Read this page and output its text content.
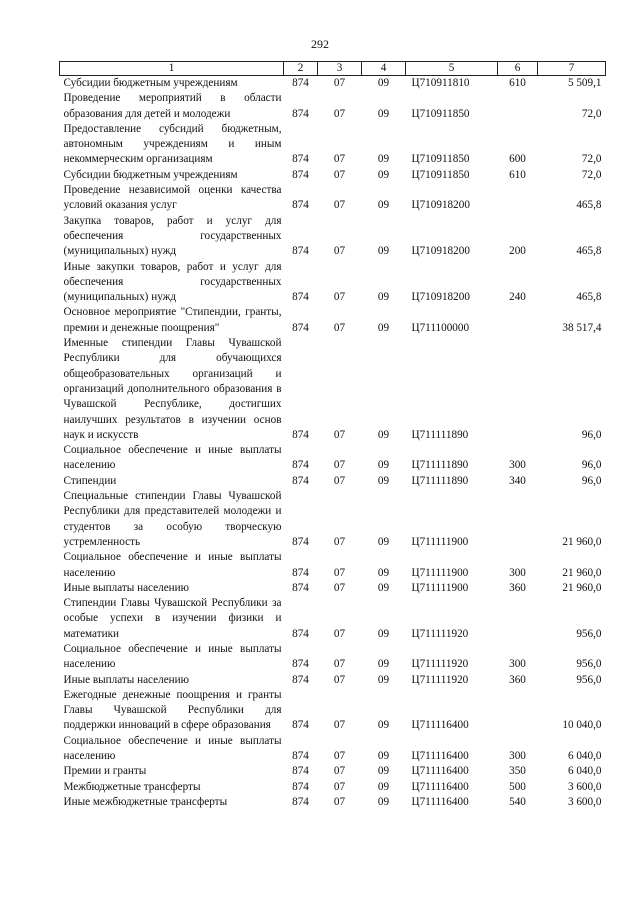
292
1	2	3	4	5	6	7
Субсидии бюджетным учреждениям	874	07	09	Ц710911810	610	5 509,1
Проведение мероприятий в области образования для детей и молодежи	874	07	09	Ц710911850		72,0
Предоставление субсидий бюджетным, автономным учреждениям и иным некоммерческим организациям	874	07	09	Ц710911850	600	72,0
Субсидии бюджетным учреждениям	874	07	09	Ц710911850	610	72,0
Проведение независимой оценки качества условий оказания услуг	874	07	09	Ц710918200		465,8
Закупка товаров, работ и услуг для обеспечения государственных (муниципальных) нужд	874	07	09	Ц710918200	200	465,8
Иные закупки товаров, работ и услуг для обеспечения государственных (муниципальных) нужд	874	07	09	Ц710918200	240	465,8
Основное мероприятие "Стипендии, гранты, премии и денежные поощрения"	874	07	09	Ц711100000		38 517,4
Именные стипендии Главы Чувашской Республики для обучающихся общеобразовательных организаций и организаций дополнительного образования в Чувашской Республике, достигших наилучших результатов в изучении основ наук и искусств	874	07	09	Ц711111890		96,0
Социальное обеспечение и иные выплаты населению	874	07	09	Ц711111890	300	96,0
Стипендии	874	07	09	Ц711111890	340	96,0
Специальные стипендии Главы Чувашской Республики для представителей молодежи и студентов за особую творческую устремленность	874	07	09	Ц711111900		21 960,0
Социальное обеспечение и иные выплаты населению	874	07	09	Ц711111900	300	21 960,0
Иные выплаты населению	874	07	09	Ц711111900	360	21 960,0
Стипендии Главы Чувашской Республики за особые успехи в изучении физики и математики	874	07	09	Ц711111920		956,0
Социальное обеспечение и иные выплаты населению	874	07	09	Ц711111920	300	956,0
Иные выплаты населению	874	07	09	Ц711111920	360	956,0
Ежегодные денежные поощрения и гранты Главы Чувашской Республики для поддержки инноваций в сфере образования	874	07	09	Ц711116400		10 040,0
Социальное обеспечение и иные выплаты населению	874	07	09	Ц711116400	300	6 040,0
Премии и гранты	874	07	09	Ц711116400	350	6 040,0
Межбюджетные трансферты	874	07	09	Ц711116400	500	3 600,0
Иные межбюджетные трансферты	874	07	09	Ц711116400	540	3 600,0
